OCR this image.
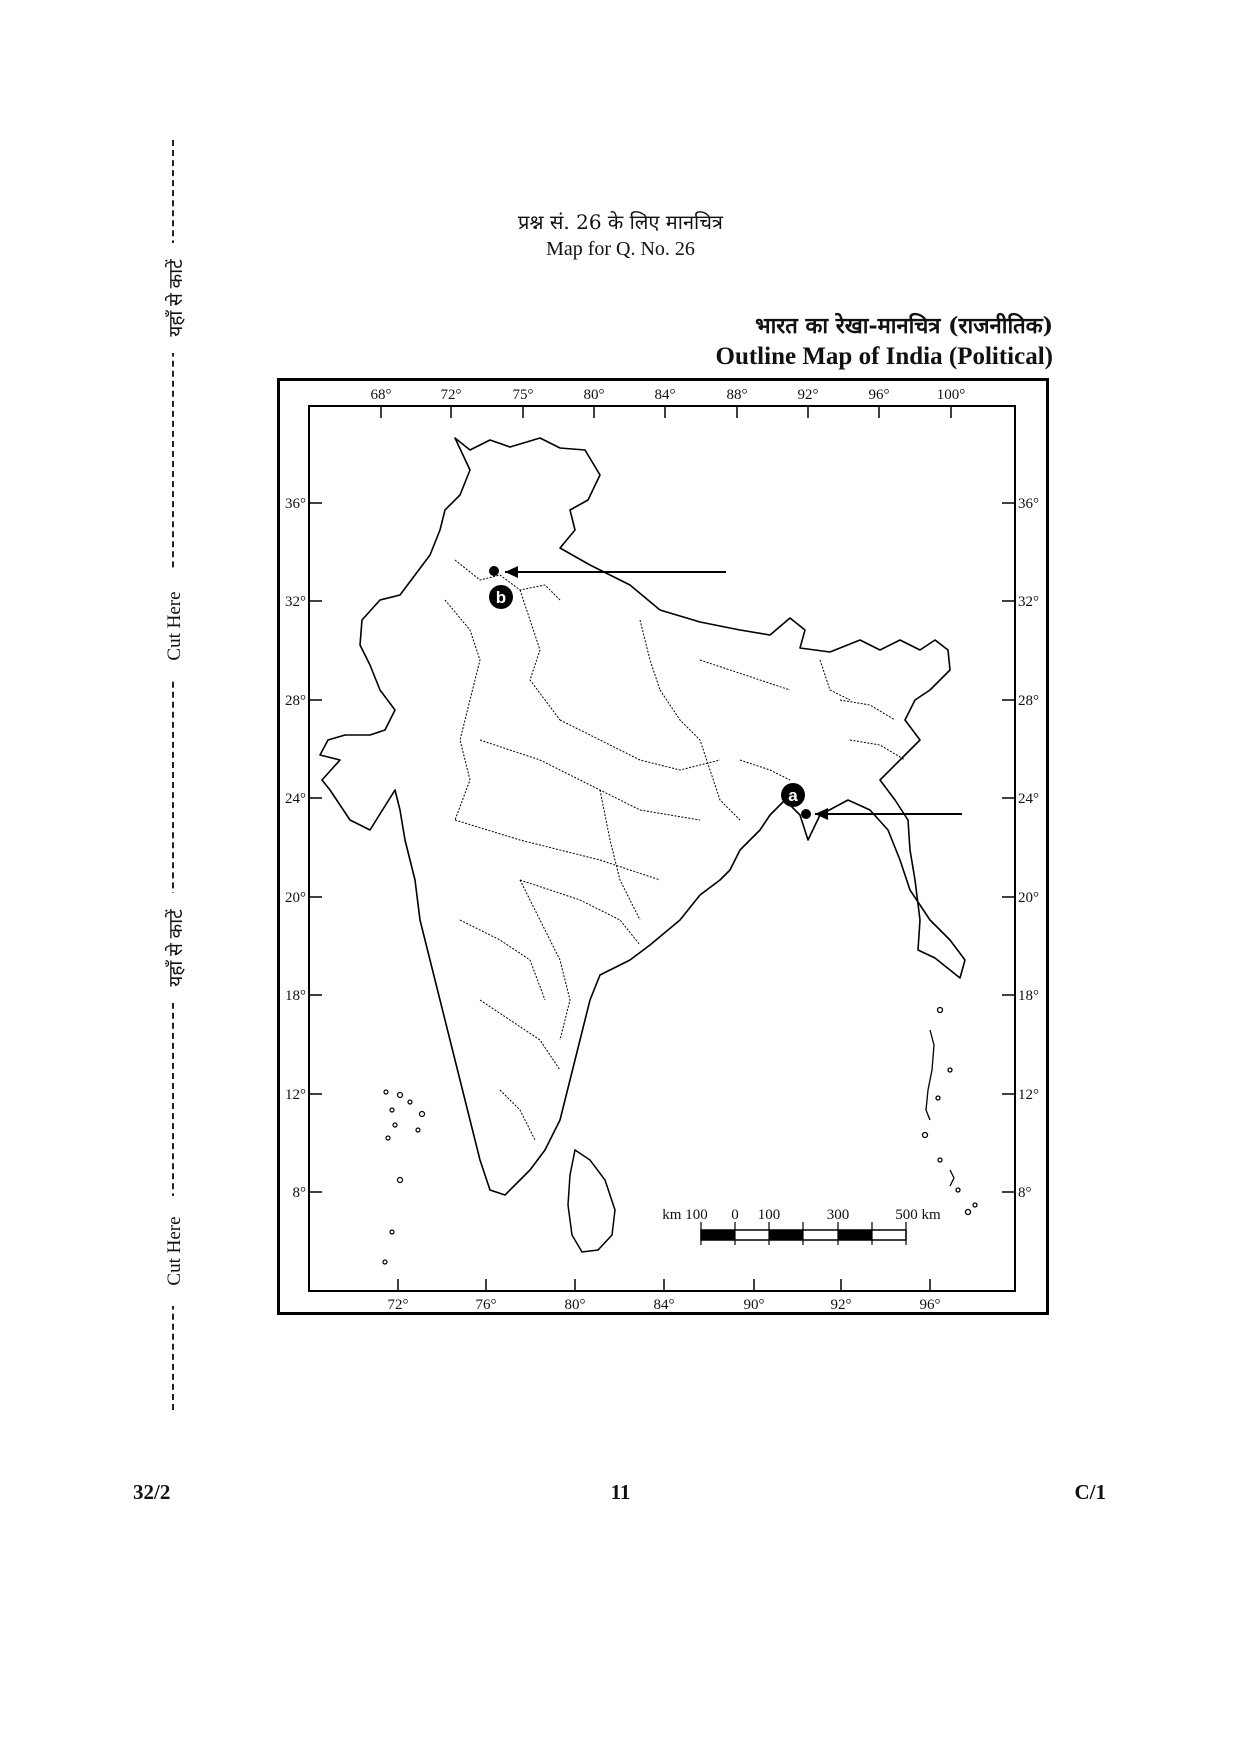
यहाँ से काटें
Cut Here
यहाँ से काटें
Cut Here
प्रश्न सं. 26 के लिए मानचित्र
Map for Q. No. 26
भारत का रेखा-मानचित्र (राजनीतिक)
Outline Map of India (Political)
68°	72°	75°	80°	84°	88°	92°	96°	100°
72°	76°	80°	84°	90°	92°	96°
36°
32°
28°
24°
20°
18°
12°
8°
36°
32°
28°
24°
20°
18°
12°
8°
b
a
km 100 0 100	300	500 km
32/2	11	C/1
